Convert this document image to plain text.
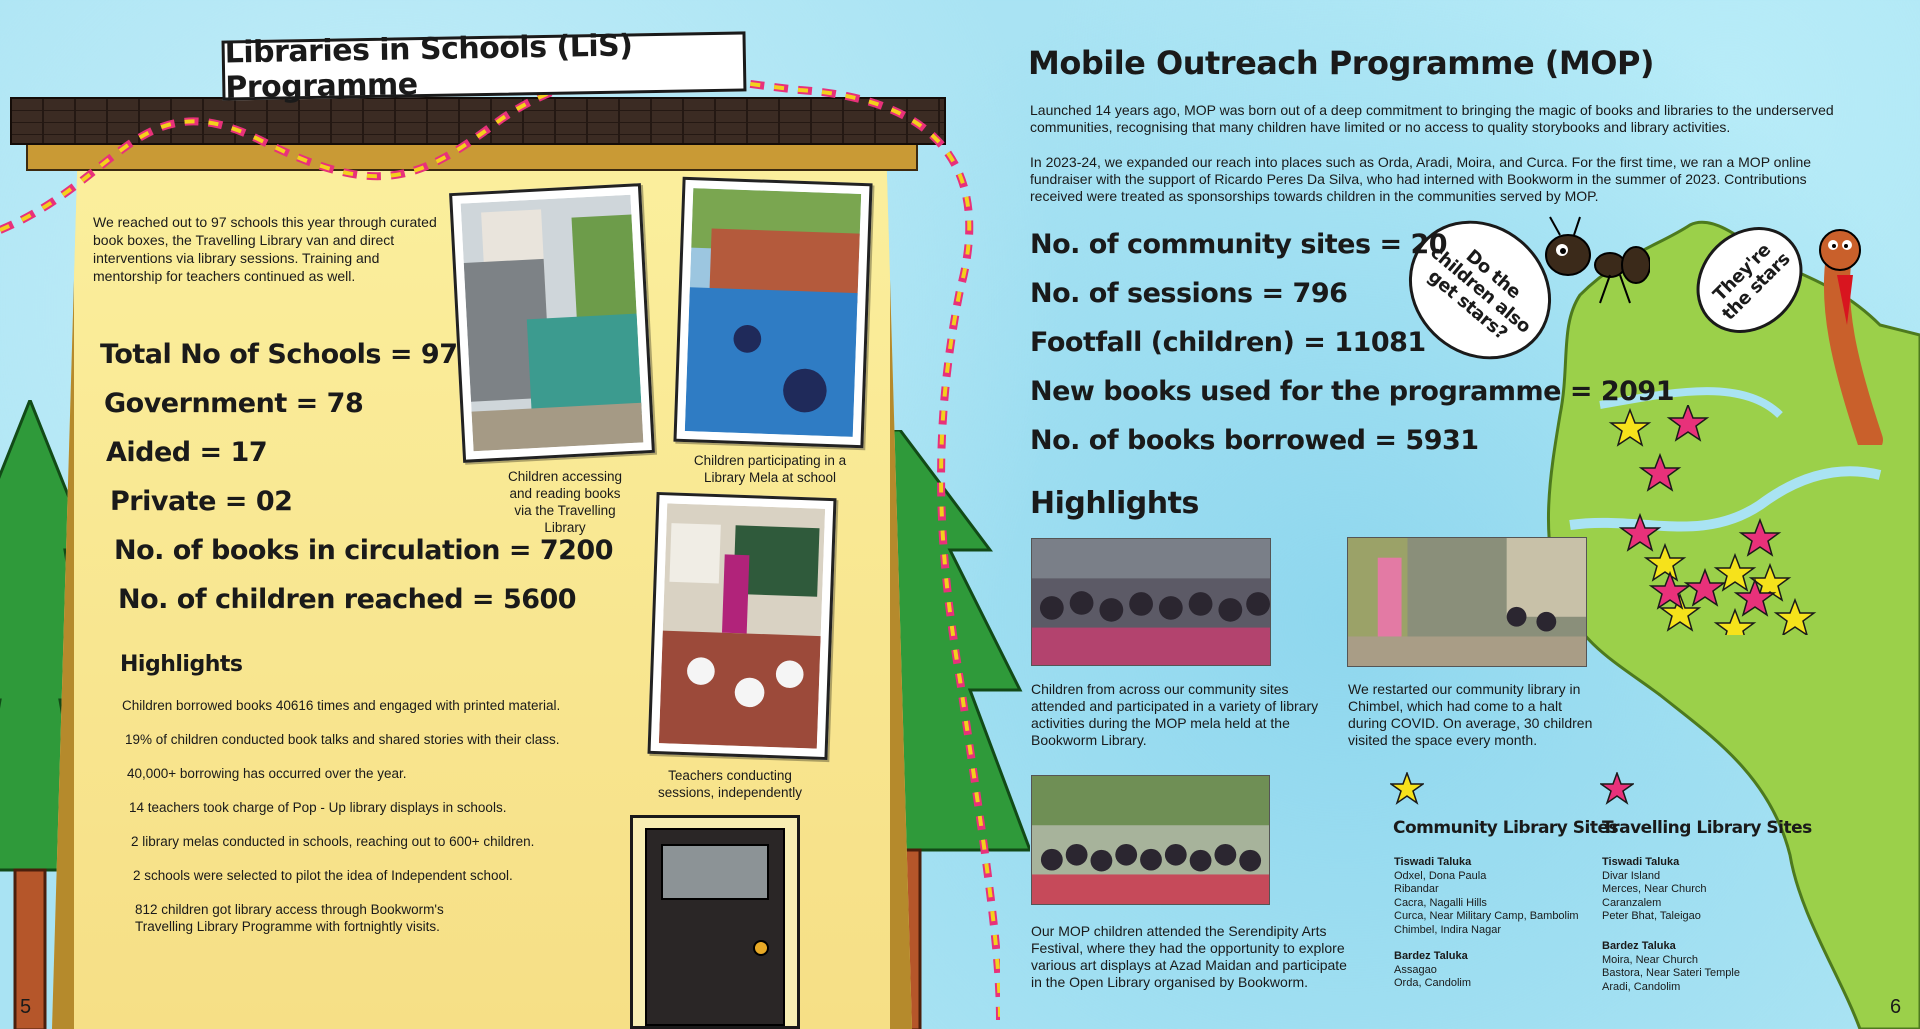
Libraries in Schools (LiS) Programme

We reached out to 97 schools this year through curated book boxes, the Travelling Library van and direct interventions via library sessions. Training and mentorship for teachers continued as well.

Total No of Schools = 97
Government = 78
Aided = 17
Private = 02
No. of books in circulation = 7200
No. of children reached = 5600
Highlights

Children borrowed books 40616 times and engaged with printed material.

19% of children conducted book talks and shared stories with their class.

40,000+ borrowing has occurred over the year.

14 teachers took charge of Pop - Up library displays in schools.

2 library melas conducted in schools, reaching out to 600+ children.

2 schools were selected to pilot the idea of Independent school.

812 children got library access through Bookworm's Travelling Library Programme with fortnightly visits.

Children accessing and reading books via the Travelling Library
Children participating in a Library Mela at school
Teachers conducting sessions, independently
5
Do the children also get stars?	They're the stars
Mobile Outreach Programme (MOP)

Launched 14 years ago, MOP was born out of a deep commitment to bringing the magic of books and libraries to the underserved communities, recognising that many children have limited or no access to quality storybooks and library activities.

In 2023-24, we expanded our reach into places such as Orda, Aradi, Moira, and Curca. For the first time, we ran a MOP online fundraiser with the support of Ricardo Peres Da Silva, who had interned with Bookworm in the summer of 2023. Contributions received were treated as sponsorships towards children in the communities served by MOP.

No. of community sites = 20
No. of sessions = 796
Footfall (children) = 11081
New books used for the programme = 2091
No. of books borrowed = 5931
Highlights

Children from across our community sites attended and participated in a variety of library activities during the MOP mela held at the Bookworm Library.

We restarted our community library in Chimbel, which had come to a halt during COVID. On average, 30 children visited the space every month.

Our MOP children attended the Serendipity Arts Festival, where they had the opportunity to explore various art displays at Azad Maidan and participate in the Open Library organised by Bookworm.

Community Library Sites
Travelling Library Sites
Tiswadi Taluka
Odxel, Dona Paula
Ribandar
Cacra, Nagalli Hills
Curca, Near Military Camp, Bambolim
Chimbel, Indira Nagar
Bardez Taluka
Assagao
Orda, Candolim
Tiswadi Taluka
Divar Island
Merces, Near Church
Caranzalem
Peter Bhat, Taleigao
Bardez Taluka
Moira, Near Church
Bastora, Near Sateri Temple
Aradi, Candolim
6
